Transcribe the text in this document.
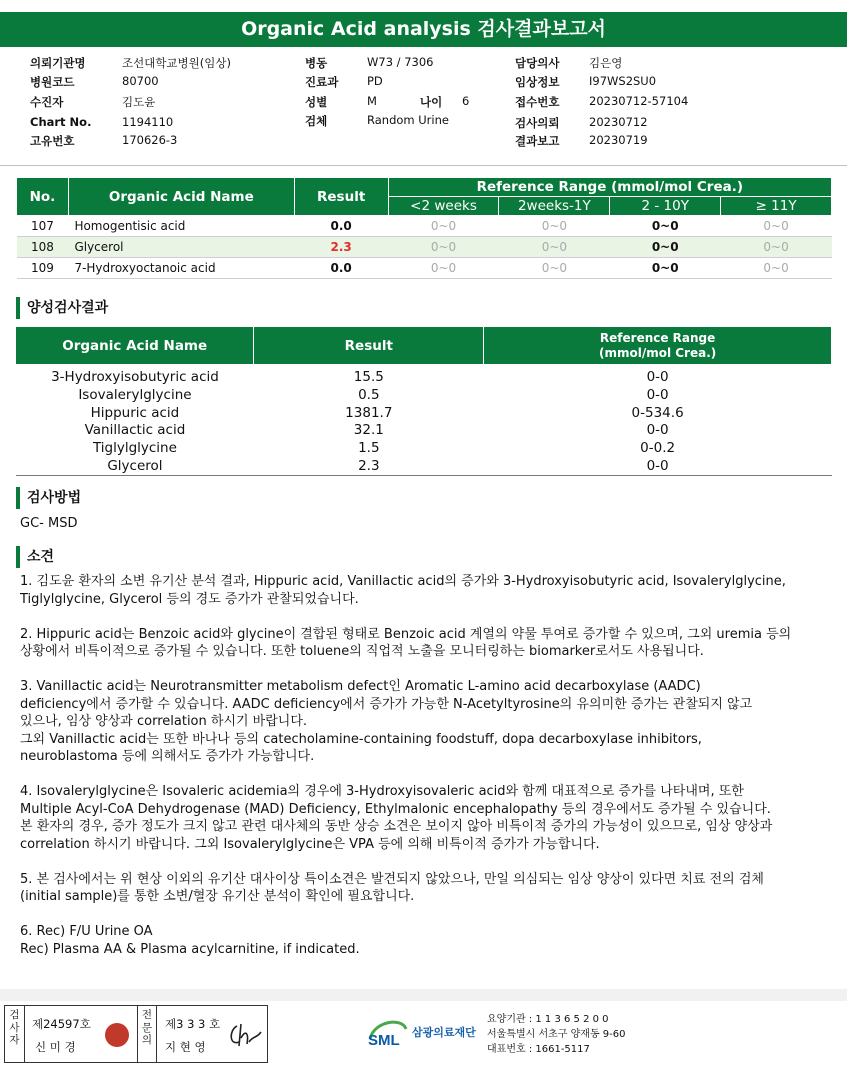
Organic Acid analysis 검사결과보고서
의뢰기관명	조선대학교병원(임상)
병원코드	80700
수진자	김도윤
Chart No.	1194110
고유번호	170626-3
병동	W73 / 7306
진료과 PD
성별	M	나이 6
검체	Random Urine
담당의사	김은영
임상정보	I97WS2SU0
접수번호	20230712-57104
검사의뢰	20230712
결과보고	20230719
No.	Organic Acid Name	Result	Reference Range (mmol/mol Crea.)			
			<2 weeks	2weeks-1Y	2 - 10Y	≥ 11Y
107	Homogentisic acid	0.0	0~0	0~0	0~0	0~0
108	Glycerol	2.3	0~0	0~0	0~0	0~0
109	7-Hydroxyoctanoic acid	0.0	0~0	0~0	0~0	0~0
양성검사결과
Organic Acid Name	Result	Reference Range
(mmol/mol Crea.)

3-Hydroxyisobutyric acid	15.5	0-0
Isovalerylglycine	0.5	0-0
Hippuric acid	1381.7	0-534.6
Vanillactic acid	32.1	0-0
Tiglylglycine	1.5	0-0.2
Glycerol	2.3	0-0
검사방법
GC- MSD
소견

1. 김도윤 환자의 소변 유기산 분석 결과, Hippuric acid, Vanillactic acid의 증가와 3-Hydroxyisobutyric acid, Isovalerylglycine,
Tiglylglycine, Glycerol 등의 경도 증가가 관찰되었습니다.

2. Hippuric acid는 Benzoic acid와 glycine이 결합된 형태로 Benzoic acid 계열의 약물 투여로 증가할 수 있으며, 그외 uremia 등의
상황에서 비특이적으로 증가될 수 있습니다. 또한 toluene의 직업적 노출을 모니터링하는 biomarker로서도 사용됩니다.

3. Vanillactic acid는 Neurotransmitter metabolism defect인 Aromatic L-amino acid decarboxylase (AADC)
deficiency에서 증가할 수 있습니다. AADC deficiency에서 증가가 가능한 N-Acetyltyrosine의 유의미한 증가는 관찰되지 않고
있으나, 임상 양상과 correlation 하시기 바랍니다.
그외 Vanillactic acid는 또한 바나나 등의 catecholamine-containing foodstuff, dopa decarboxylase inhibitors,
neuroblastoma 등에 의해서도 증가가 가능합니다.

4. Isovalerylglycine은 Isovaleric acidemia의 경우에 3-Hydroxyisovaleric acid와 함께 대표적으로 증가를 나타내며, 또한
Multiple Acyl-CoA Dehydrogenase (MAD) Deficiency, Ethylmalonic encephalopathy 등의 경우에서도 증가될 수 있습니다.
본 환자의 경우, 증가 정도가 크지 않고 관련 대사체의 동반 상승 소견은 보이지 않아 비특이적 증가의 가능성이 있으므로, 임상 양상과
correlation 하시기 바랍니다. 그외 Isovalerylglycine은 VPA 등에 의해 비특이적 증가가 가능합니다.

5. 본 검사에서는 위 현상 이외의 유기산 대사이상 특이소견은 발견되지 않았으나, 만일 의심되는 임상 양상이 있다면 치료 전의 검체
(initial sample)를 통한 소변/혈장 유기산 분석이 확인에 필요합니다.

6. Rec) F/U Urine OA
Rec) Plasma AA & Plasma acylcarnitine, if indicated.

검사자
제24597호
신 미 경
전문의
제3 3 3 호
지 현 영	SML 삼광의료재단
요양기관 : 1 1 3 6 5 2 0 0
서울특별시 서초구 양재동 9-60
대표번호 : 1661-5117
